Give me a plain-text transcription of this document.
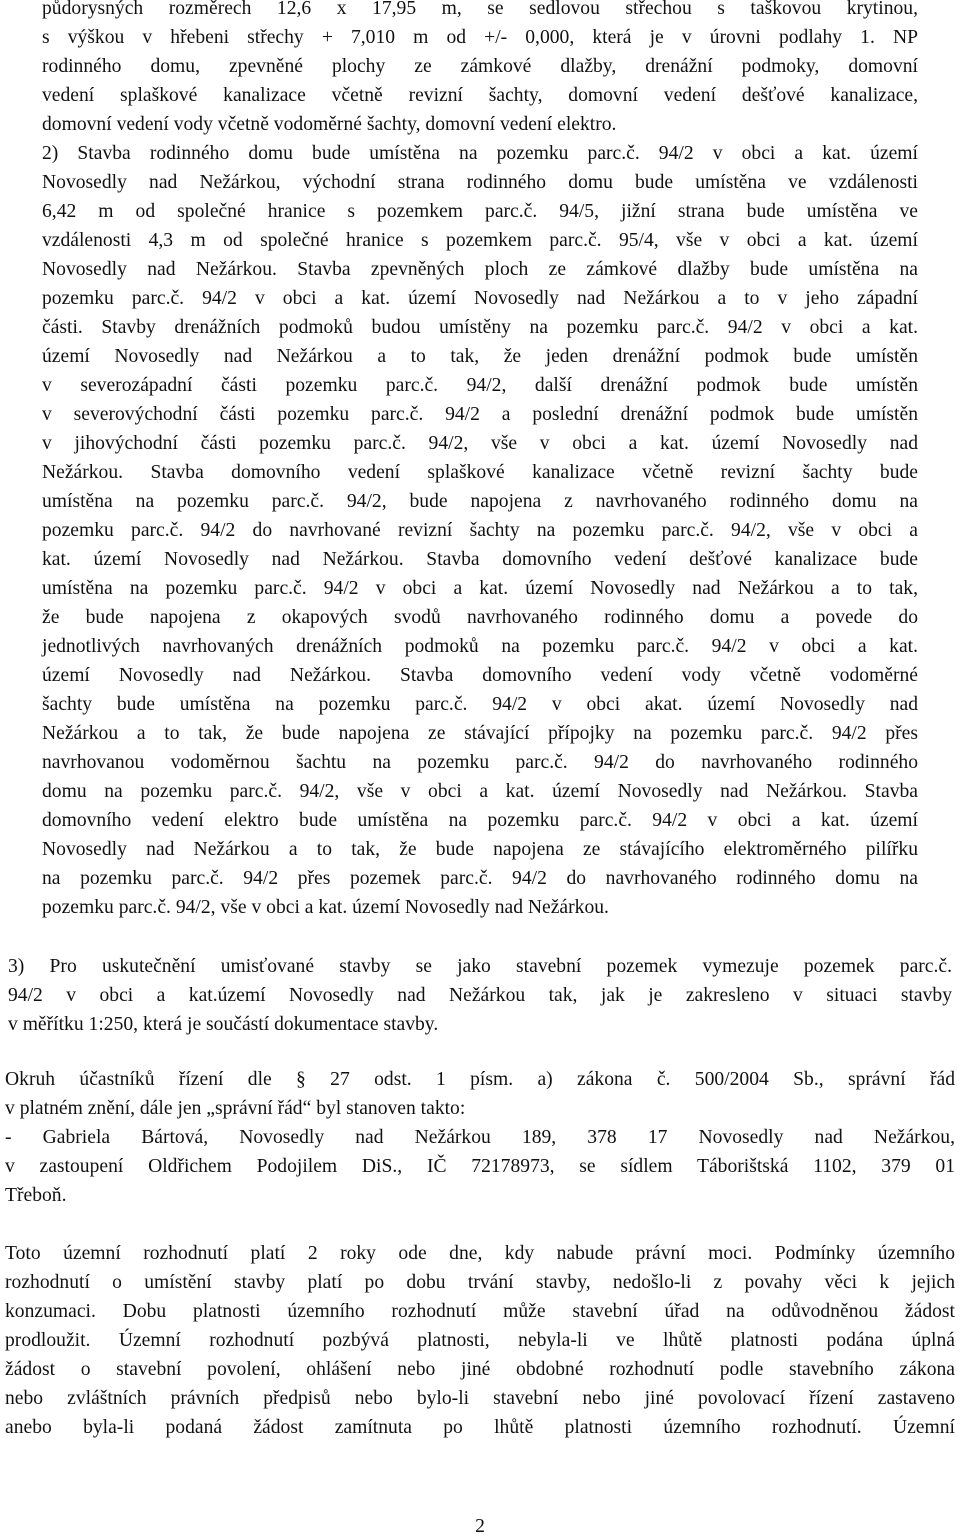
půdorysných rozměrech 12,6 x 17,95 m, se sedlovou střechou s taškovou krytinou,
s výškou v hřebeni střechy + 7,010 m od +/- 0,000, která je v úrovni podlahy 1. NP
rodinného domu, zpevněné plochy ze zámkové dlažby, drenážní podmoky, domovní
vedení splaškové kanalizace včetně revizní šachty, domovní vedení dešťové kanalizace,
domovní vedení vody včetně vodoměrné šachty, domovní vedení elektro.
2) Stavba rodinného domu bude umístěna na pozemku parc.č. 94/2 v obci a kat. území
Novosedly nad Nežárkou, východní strana rodinného domu bude umístěna ve vzdálenosti
6,42 m od společné hranice s pozemkem parc.č. 94/5, jižní strana bude umístěna ve
vzdálenosti 4,3 m od společné hranice s pozemkem parc.č. 95/4, vše v obci a kat. území
Novosedly nad Nežárkou. Stavba zpevněných ploch ze zámkové dlažby bude umístěna na
pozemku parc.č. 94/2 v obci a kat. území Novosedly nad Nežárkou a to v jeho západní
části. Stavby drenážních podmoků budou umístěny na pozemku parc.č. 94/2 v obci a kat.
území Novosedly nad Nežárkou a to tak, že jeden drenážní podmok bude umístěn
v severozápadní části pozemku parc.č. 94/2, další drenážní podmok bude umístěn
v severovýchodní části pozemku parc.č. 94/2 a poslední drenážní podmok bude umístěn
v jihovýchodní části pozemku parc.č. 94/2, vše v obci a kat. území Novosedly nad
Nežárkou. Stavba domovního vedení splaškové kanalizace včetně revizní šachty bude
umístěna na pozemku parc.č. 94/2, bude napojena z navrhovaného rodinného domu na
pozemku parc.č. 94/2 do navrhované revizní šachty na pozemku parc.č. 94/2, vše v obci a
kat. území Novosedly nad Nežárkou. Stavba domovního vedení dešťové kanalizace bude
umístěna na pozemku parc.č. 94/2 v obci a kat. území Novosedly nad Nežárkou a to tak,
že bude napojena z okapových svodů navrhovaného rodinného domu a povede do
jednotlivých navrhovaných drenážních podmoků na pozemku parc.č. 94/2 v obci a kat.
území Novosedly nad Nežárkou. Stavba domovního vedení vody včetně vodoměrné
šachty bude umístěna na pozemku parc.č. 94/2 v obci akat. území Novosedly nad
Nežárkou a to tak, že bude napojena ze stávající přípojky na pozemku parc.č. 94/2 přes
navrhovanou vodoměrnou šachtu na pozemku parc.č. 94/2 do navrhovaného rodinného
domu na pozemku parc.č. 94/2, vše v obci a kat. území Novosedly nad Nežárkou. Stavba
domovního vedení elektro bude umístěna na pozemku parc.č. 94/2 v obci a kat. území
Novosedly nad Nežárkou a to tak, že bude napojena ze stávajícího elektroměrného pilířku
na pozemku parc.č. 94/2 přes pozemek parc.č. 94/2 do navrhovaného rodinného domu na
pozemku parc.č. 94/2, vše v obci a kat. území Novosedly nad Nežárkou.
3) Pro uskutečnění umisťované stavby se jako stavební pozemek vymezuje pozemek parc.č.
94/2 v obci a kat.území Novosedly nad Nežárkou tak, jak je zakresleno v situaci stavby
v měřítku 1:250, která je součástí dokumentace stavby.
Okruh účastníků řízení dle § 27 odst. 1 písm. a) zákona č. 500/2004 Sb., správní řád
v platném znění, dále jen „správní řád“ byl stanoven takto:
- Gabriela Bártová, Novosedly nad Nežárkou 189, 378 17 Novosedly nad Nežárkou,
v zastoupení Oldřichem Podojilem DiS., IČ 72178973, se sídlem Táborištská 1102, 379 01
Třeboň.
Toto územní rozhodnutí platí 2 roky ode dne, kdy nabude právní moci. Podmínky územního
rozhodnutí o umístění stavby platí po dobu trvání stavby, nedošlo-li z povahy věci k jejich
konzumaci. Dobu platnosti územního rozhodnutí může stavební úřad na odůvodněnou žádost
prodloužit. Územní rozhodnutí pozbývá platnosti, nebyla-li ve lhůtě platnosti podána úplná
žádost o stavební povolení, ohlášení nebo jiné obdobné rozhodnutí podle stavebního zákona
nebo zvláštních právních předpisů nebo bylo-li stavební nebo jiné povolovací řízení zastaveno
anebo byla-li podaná žádost zamítnuta po lhůtě platnosti územního rozhodnutí. Územní
2
